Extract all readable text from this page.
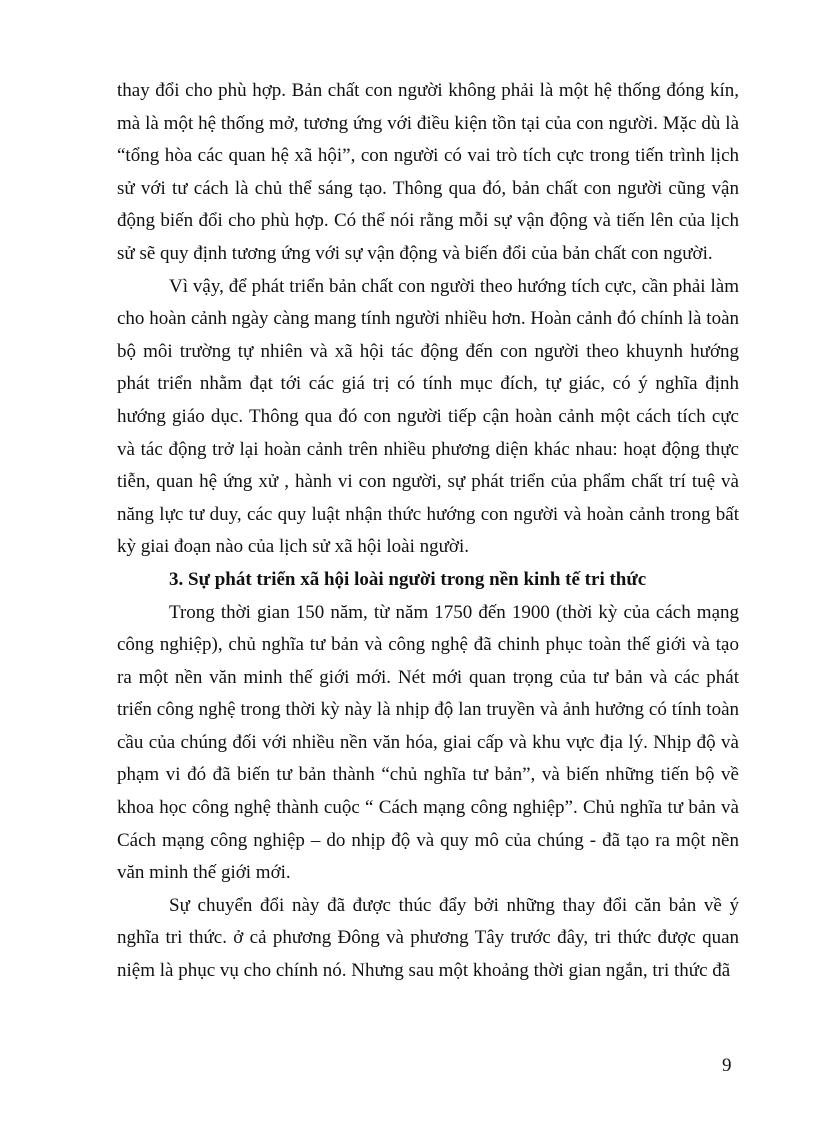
thay đổi cho phù hợp. Bản chất con người không phải là một hệ thống đóng kín, mà là một hệ thống mở, tương ứng với điều kiện tồn tại của con người. Mặc dù là “tổng hòa các quan hệ xã hội”, con người có vai trò tích cực trong tiến trình lịch sử với tư cách là chủ thể sáng tạo. Thông qua đó, bản chất con người cũng vận động biến đổi cho phù hợp. Có thể nói rằng mỗi sự vận động và tiến lên của lịch sử sẽ quy định tương ứng với sự vận động và biến đổi của bản chất con người.

Vì vậy, để phát triển bản chất con người theo hướng tích cực, cần phải làm cho hoàn cảnh ngày càng mang tính người nhiều hơn. Hoàn cảnh đó chính là toàn bộ môi trường tự nhiên và xã hội tác động đến con người theo khuynh hướng phát triển nhằm đạt tới các giá trị có tính mục đích, tự giác, có ý nghĩa định hướng giáo dục. Thông qua đó con người tiếp cận hoàn cảnh một cách tích cực và tác động trở lại hoàn cảnh trên nhiều phương diện khác nhau: hoạt động thực tiễn, quan hệ ứng xử , hành vi con người, sự phát triển của phẩm chất trí tuệ và năng lực tư duy, các quy luật nhận thức hướng con người và hoàn cảnh trong bất kỳ giai đoạn nào của lịch sử xã hội loài người.

3. Sự phát triển xã hội loài người trong nền kinh tế tri thức

Trong thời gian 150 năm, từ năm 1750 đến 1900 (thời kỳ của cách mạng công nghiệp), chủ nghĩa tư bản và công nghệ đã chinh phục toàn thế giới và tạo ra một nền văn minh thế giới mới. Nét mới quan trọng của tư bản và các phát triển công nghệ trong thời kỳ này là nhịp độ lan truyền và ảnh hưởng có tính toàn cầu của chúng đối với nhiều nền văn hóa, giai cấp và khu vực địa lý. Nhịp độ và phạm vi đó đã biến tư bản thành “chủ nghĩa tư bản”, và biến những tiến bộ về khoa học công nghệ thành cuộc “ Cách mạng công nghiệp”. Chủ nghĩa tư bản và Cách mạng công nghiệp – do nhịp độ và quy mô của chúng - đã tạo ra một nền văn minh thế giới mới.

Sự chuyển đổi này đã được thúc đẩy bởi những thay đổi căn bản về ý nghĩa tri thức. ở cả phương Đông và phương Tây trước đây, tri thức được quan niệm là phục vụ cho chính nó. Nhưng sau một khoảng thời gian ngắn, tri thức đã

9
